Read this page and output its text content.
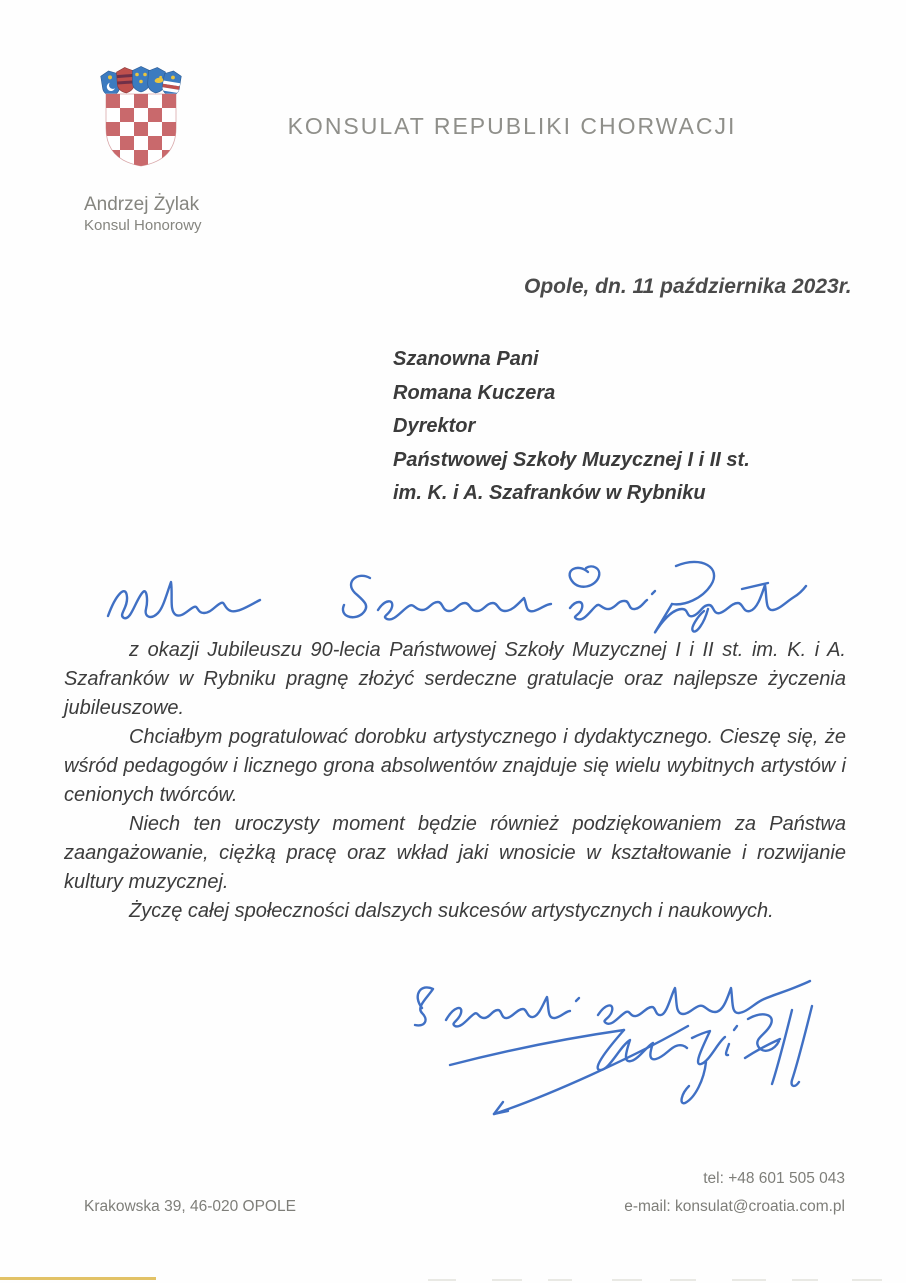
KONSULAT REPUBLIKI CHORWACJI
Andrzej Żylak
Konsul Honorowy
Opole, dn. 11 października 2023r.
Szanowna Pani
Romana Kuczera
Dyrektor
Państwowej Szkoły Muzycznej I i II st.
im. K. i A. Szafranków w Rybniku

z okazji Jubileuszu 90-lecia Państwowej Szkoły Muzycznej I i II st. im. K. i A. Szafranków w Rybniku pragnę złożyć serdeczne gratulacje oraz najlepsze życzenia jubileuszowe.

Chciałbym pogratulować dorobku artystycznego i dydaktycznego. Cieszę się, że wśród pedagogów i licznego grona absolwentów znajduje się wielu wybitnych artystów i cenionych twórców.

Niech ten uroczysty moment będzie również podziękowaniem za Państwa zaangażowanie, ciężką pracę oraz wkład jaki wnosicie w kształtowanie i rozwijanie kultury muzycznej.

Życzę całej społeczności dalszych sukcesów artystycznych i naukowych.

tel: +48 601 505 043
Krakowska 39, 46-020 OPOLE	e-mail: konsulat@croatia.com.pl
